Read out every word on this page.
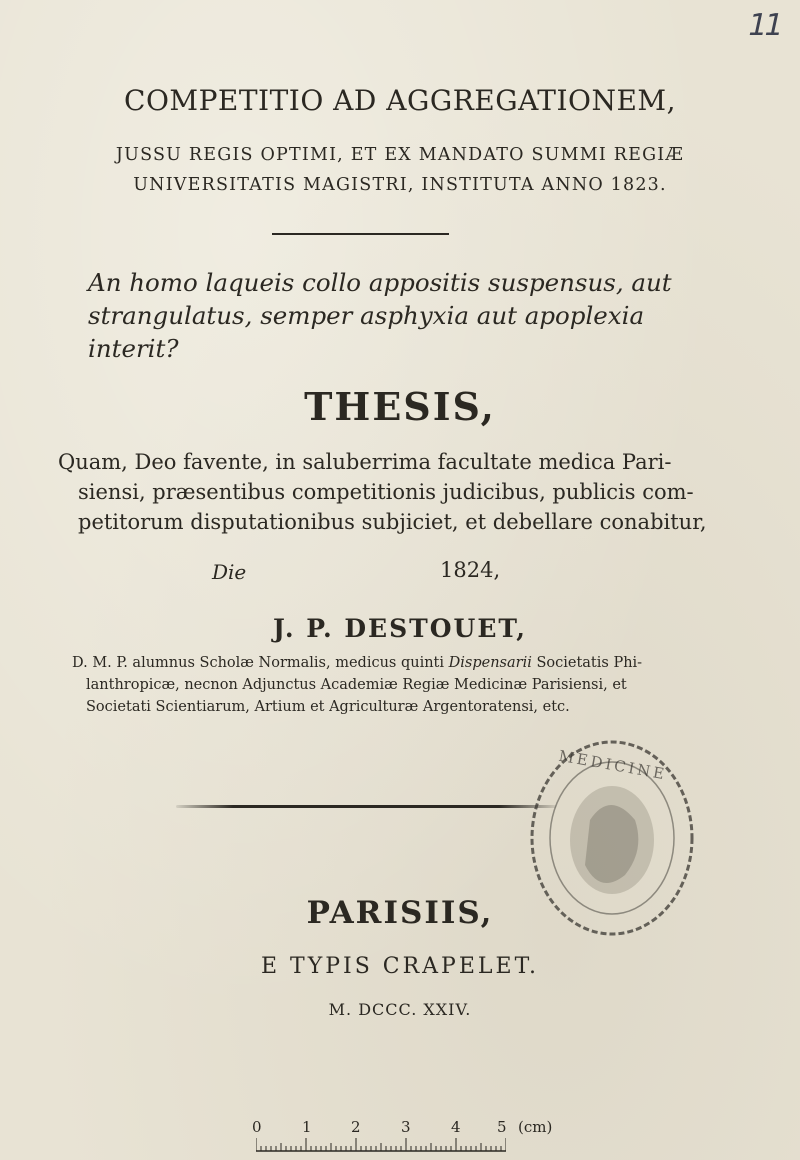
11
COMPETITIO AD AGGREGATIONEM,
JUSSU REGIS OPTIMI, ET EX MANDATO SUMMI REGIÆ
UNIVERSITATIS MAGISTRI, INSTITUTA ANNO 1823.
An homo laqueis collo appositis suspensus, aut
strangulatus, semper asphyxia aut apoplexia
interit?
THESIS,
Quam, Deo favente, in saluberrima facultate medica Pari-
siensi, præsentibus competitionis judicibus, publicis com-
petitorum disputationibus subjiciet, et debellare conabitur,
Die	1824,
J. P. DESTOUET,
D. M. P. alumnus Scholæ Normalis, medicus quinti Dispensarii Societatis Phi-
lanthropicæ, necnon Adjunctus Academiæ Regiæ Medicinæ Parisiensi, et
Societati Scientiarum, Artium et Agriculturæ Argentoratensi, etc.
MEDICINE
PARISIIS,
E TYPIS CRAPELET.
M. DCCC. XXIV.
0	1	2	3	4 5 (cm)
